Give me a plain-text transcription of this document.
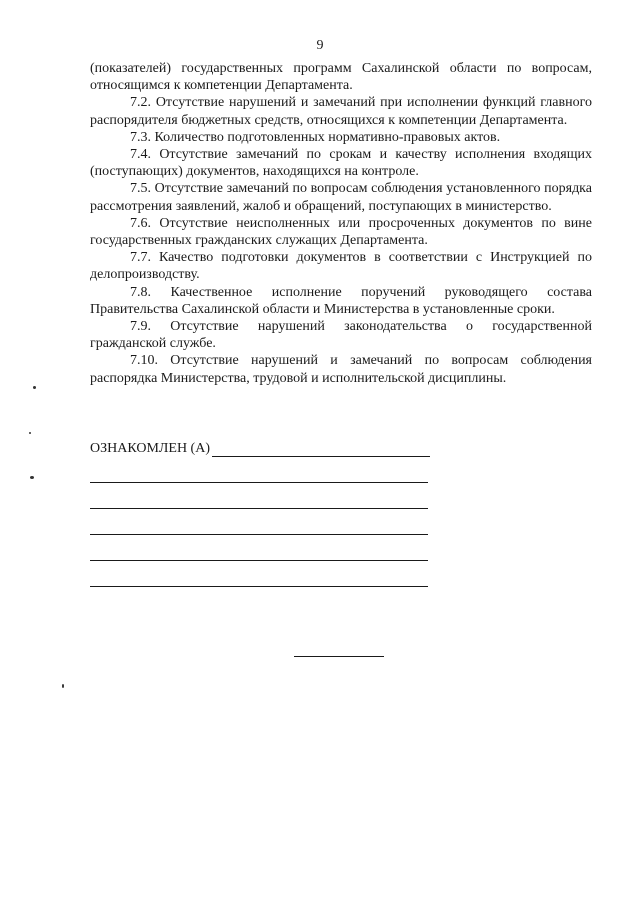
9

(показателей) государственных программ Сахалинской области по вопросам, относящимся к компетенции Департамента.

7.2. Отсутствие нарушений и замечаний при исполнении функций главного распорядителя бюджетных средств, относящихся к компетенции Департамента.

7.3. Количество подготовленных нормативно-правовых актов.

7.4. Отсутствие замечаний по срокам и качеству исполнения входящих (поступающих) документов, находящихся на контроле.

7.5. Отсутствие замечаний по вопросам соблюдения установленного порядка рассмотрения заявлений, жалоб и обращений, поступающих в министерство.

7.6. Отсутствие неисполненных или просроченных документов по вине государственных гражданских служащих Департамента.

7.7. Качество подготовки документов в соответствии с Инструкцией по делопроизводству.

7.8. Качественное исполнение поручений руководящего состава Правительства Сахалинской области и Министерства в установленные сроки.

7.9. Отсутствие нарушений законодательства о государственной гражданской службе.

7.10. Отсутствие нарушений и замечаний по вопросам соблюдения распорядка Министерства, трудовой и исполнительской дисциплины.

ОЗНАКОМЛЕН (А)
